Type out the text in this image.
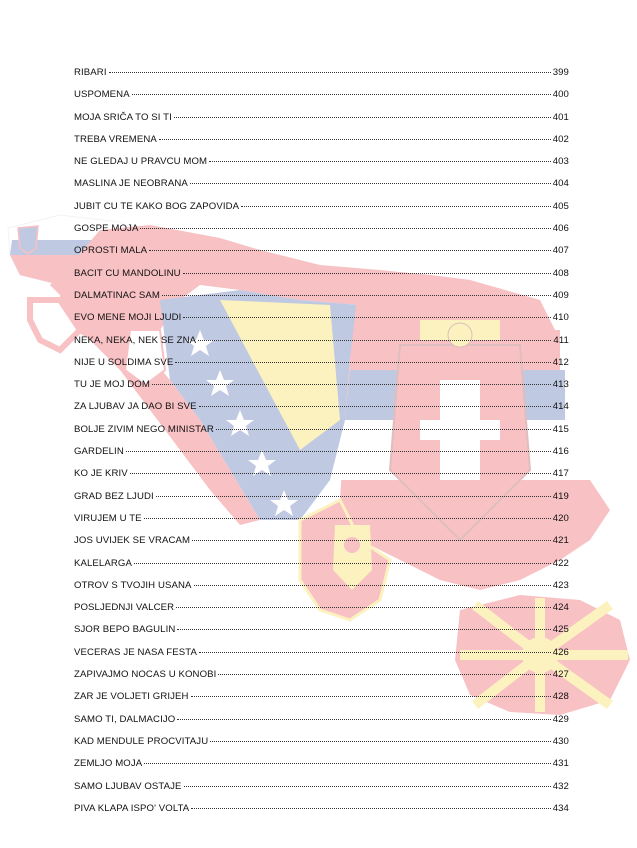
RIBARI	399
USPOMENA	400
MOJA SRIČA TO SI TI	401
TREBA VREMENA	402
NE GLEDAJ U PRAVCU MOM	403
MASLINA JE NEOBRANA	404
JUBIT CU TE KAKO BOG ZAPOVIDA	405
GOSPE MOJA	406
OPROSTI MALA	407
BACIT CU MANDOLINU	408
DALMATINAC SAM	409
EVO MENE MOJI LJUDI	410
NEKA, NEKA, NEK SE ZNA	411
NIJE U SOLDIMA SVE	412
TU JE MOJ DOM	413
ZA LJUBAV JA DAO BI SVE	414
BOLJE ZIVIM NEGO MINISTAR	415
GARDELIN	416
KO JE KRIV	417
GRAD BEZ LJUDI	419
VIRUJEM U TE	420
JOS UVIJEK SE VRACAM	421
KALELARGA	422
OTROV S TVOJIH USANA	423
POSLJEDNJI VALCER	424
SJOR BEPO BAGULIN	425
VECERAS JE NASA FESTA	426
ZAPIVAJMO NOCAS U KONOBI	427
ZAR JE VOLJETI GRIJEH	428
SAMO TI, DALMACIJO	429
KAD MENDULE PROCVITAJU	430
ZEMLJO MOJA	431
SAMO LJUBAV OSTAJE	432
PIVA KLAPA ISPO' VOLTA	434
